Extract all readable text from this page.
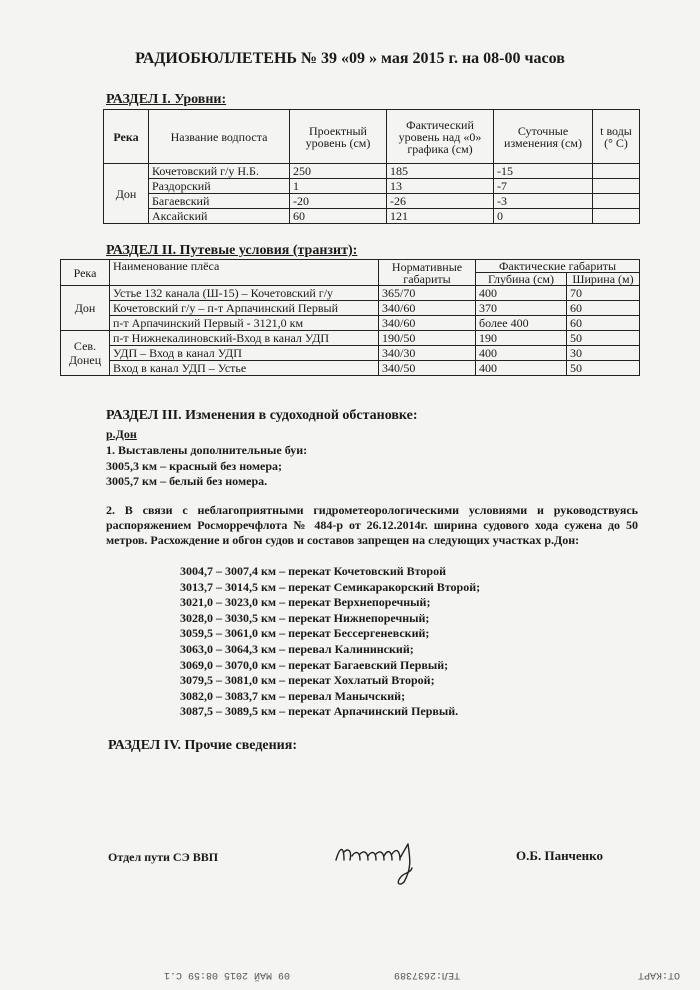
РАДИОБЮЛЛЕТЕНЬ № 39 «09 » мая 2015 г. на 08-00 часов
РАЗДЕЛ I. Уровни:
Река	Название водпоста	Проектный уровень (см)	Фактический уровень над «0» графика (см)	Суточные изменения (см)	t воды (° С)
Дон	Кочетовский г/у Н.Б.	250	185	-15	
	Раздорский	1	13	-7	
	Багаевский	-20	-26	-3	
	Аксайский	60	121	0	
РАЗДЕЛ II. Путевые условия (транзит):
Река	Наименование плёса	Нормативные габариты	Фактические габариты	
			Глубина (см)	Ширина (м)
Дон	Устье 132 канала (Ш-15) – Кочетовский г/у	365/70	400	70
	Кочетовский г/у – п-т Арпачинский Первый	340/60	370	60
	п-т Арпачинский Первый - 3121,0 км	340/60	более 400	60
Сев. Донец	п-т Нижнекалиновский-Вход в канал УДП	190/50	190	50
	УДП – Вход в канал УДП	340/30	400	30
	Вход в канал УДП – Устье	340/50	400	50
РАЗДЕЛ III. Изменения в судоходной обстановке:
р.Дон
1. Выставлены дополнительные буи:
3005,3 км – красный без номера;
3005,7 км – белый без номера.
2. В связи с неблагоприятными гидрометеорологическими условиями и руководствуясь распоряжением Росморречфлота № 484-р от 26.12.2014г. ширина судового хода сужена до 50 метров. Расхождение и обгон судов и составов запрещен на следующих участках р.Дон:
3004,7 – 3007,4 км – перекат Кочетовский Второй
3013,7 – 3014,5 км – перекат Семикаракорский Второй;
3021,0 – 3023,0 км – перекат Верхнепоречный;
3028,0 – 3030,5 км – перекат Нижнепоречный;
3059,5 – 3061,0 км – перекат Бессергеневский;
3063,0 – 3064,3 км – перевал Калининский;
3069,0 – 3070,0 км – перекат Багаевский Первый;
3079,5 – 3081,0 км – перекат Хохлатый Второй;
3082,0 – 3083,7 км – перевал Манычский;
3087,5 – 3089,5 км – перекат Арпачинский Первый.
РАЗДЕЛ IV. Прочие сведения:
Отдел пути СЭ ВВП	О.Б. Панченко
ОТ:КАРТ
ТЕЛ:2637389
09 МАЙ 2015 08:59 С.1
